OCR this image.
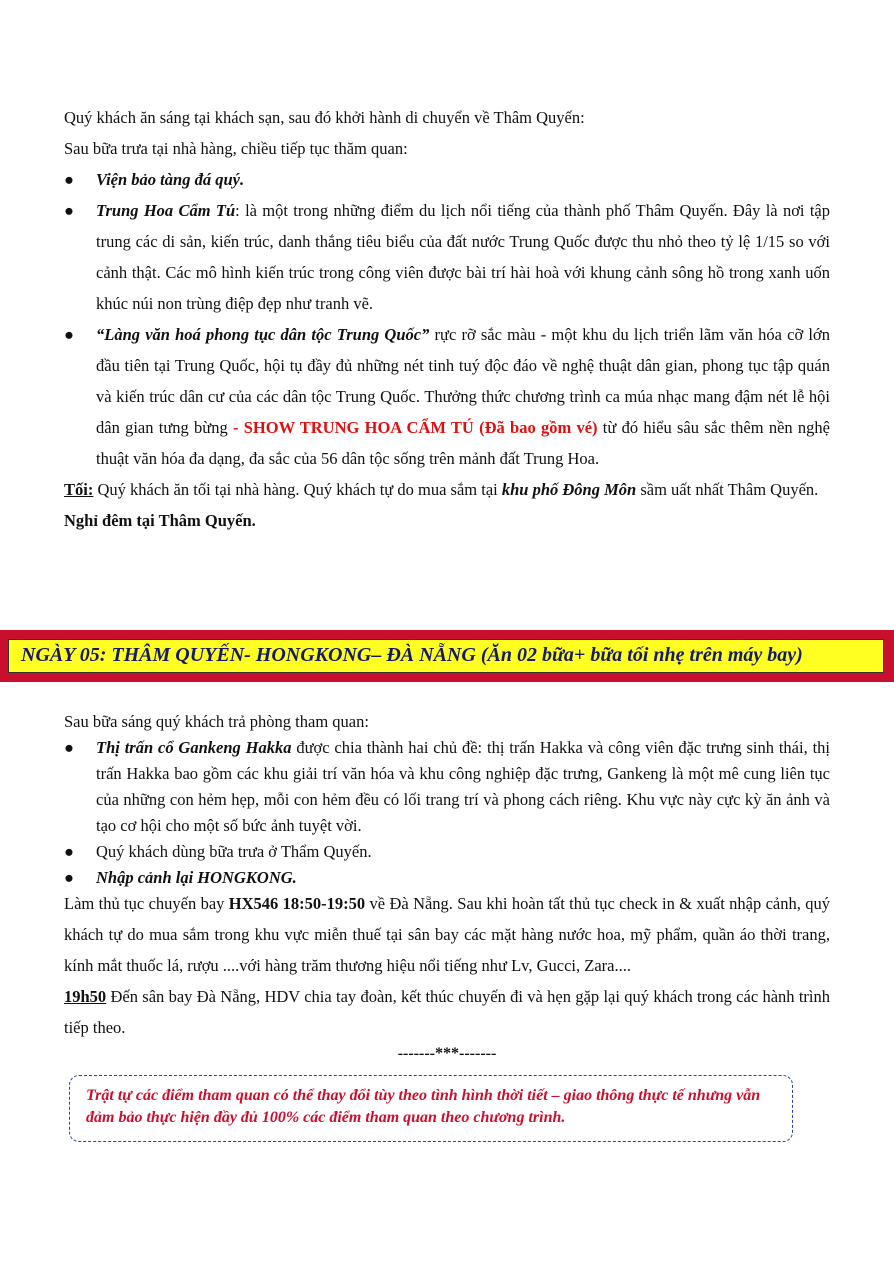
Quý khách ăn sáng tại khách sạn, sau đó khởi hành di chuyển về Thâm Quyến:

Sau bữa trưa tại nhà hàng, chiều tiếp tục thăm quan:

● Viện bảo tàng đá quý.
● Trung Hoa Cẩm Tú: là một trong những điểm du lịch nổi tiếng của thành phố Thâm Quyến. Đây là nơi tập trung các di sản, kiến trúc, danh thắng tiêu biểu của đất nước Trung Quốc được thu nhỏ theo tỷ lệ 1/15 so với cảnh thật. Các mô hình kiến trúc trong công viên được bài trí hài hoà với khung cảnh sông hồ trong xanh uốn khúc núi non trùng điệp đẹp như tranh vẽ.
● “Làng văn hoá phong tục dân tộc Trung Quốc” rực rỡ sắc màu - một khu du lịch triển lãm văn hóa cỡ lớn đầu tiên tại Trung Quốc, hội tụ đầy đủ những nét tinh tuý độc đáo về nghệ thuật dân gian, phong tục tập quán và kiến trúc dân cư của các dân tộc Trung Quốc. Thưởng thức chương trình ca múa nhạc mang đậm nét lễ hội dân gian tưng bừng - SHOW TRUNG HOA CẨM TÚ (Đã bao gồm vé) từ đó hiểu sâu sắc thêm nền nghệ thuật văn hóa đa dạng, đa sắc của 56 dân tộc sống trên mảnh đất Trung Hoa.

Tối: Quý khách ăn tối tại nhà hàng. Quý khách tự do mua sắm tại khu phố Đông Môn sầm uất nhất Thâm Quyến.

Nghỉ đêm tại Thâm Quyến.

NGÀY 05: THÂM QUYẾN- HONGKONG– ĐÀ NẴNG (Ăn 02 bữa+ bữa tối nhẹ trên máy bay)

Sau bữa sáng quý khách trả phòng tham quan:

● Thị trấn cổ Gankeng Hakka được chia thành hai chủ đề: thị trấn Hakka và công viên đặc trưng sinh thái, thị trấn Hakka bao gồm các khu giải trí văn hóa và khu công nghiệp đặc trưng, Gankeng là một mê cung liên tục của những con hẻm hẹp, mỗi con hẻm đều có lối trang trí và phong cách riêng. Khu vực này cực kỳ ăn ảnh và tạo cơ hội cho một số bức ảnh tuyệt vời.
● Quý khách dùng bữa trưa ở Thẩm Quyến.
● Nhập cảnh lại HONGKONG.

Làm thủ tục chuyến bay HX546 18:50-19:50 về Đà Nẵng. Sau khi hoàn tất thủ tục check in & xuất nhập cảnh, quý khách tự do mua sắm trong khu vực miễn thuế tại sân bay các mặt hàng nước hoa, mỹ phẩm, quần áo thời trang, kính mắt thuốc lá, rượu ....với hàng trăm thương hiệu nổi tiếng như Lv, Gucci, Zara....

19h50 Đến sân bay Đà Nẵng, HDV chia tay đoàn, kết thúc chuyến đi và hẹn gặp lại quý khách trong các hành trình tiếp theo.

-------***-------
Trật tự các điểm tham quan có thể thay đổi tùy theo tình hình thời tiết – giao thông thực tế nhưng vẫn đảm bảo thực hiện đầy đủ 100% các điểm tham quan theo chương trình.
